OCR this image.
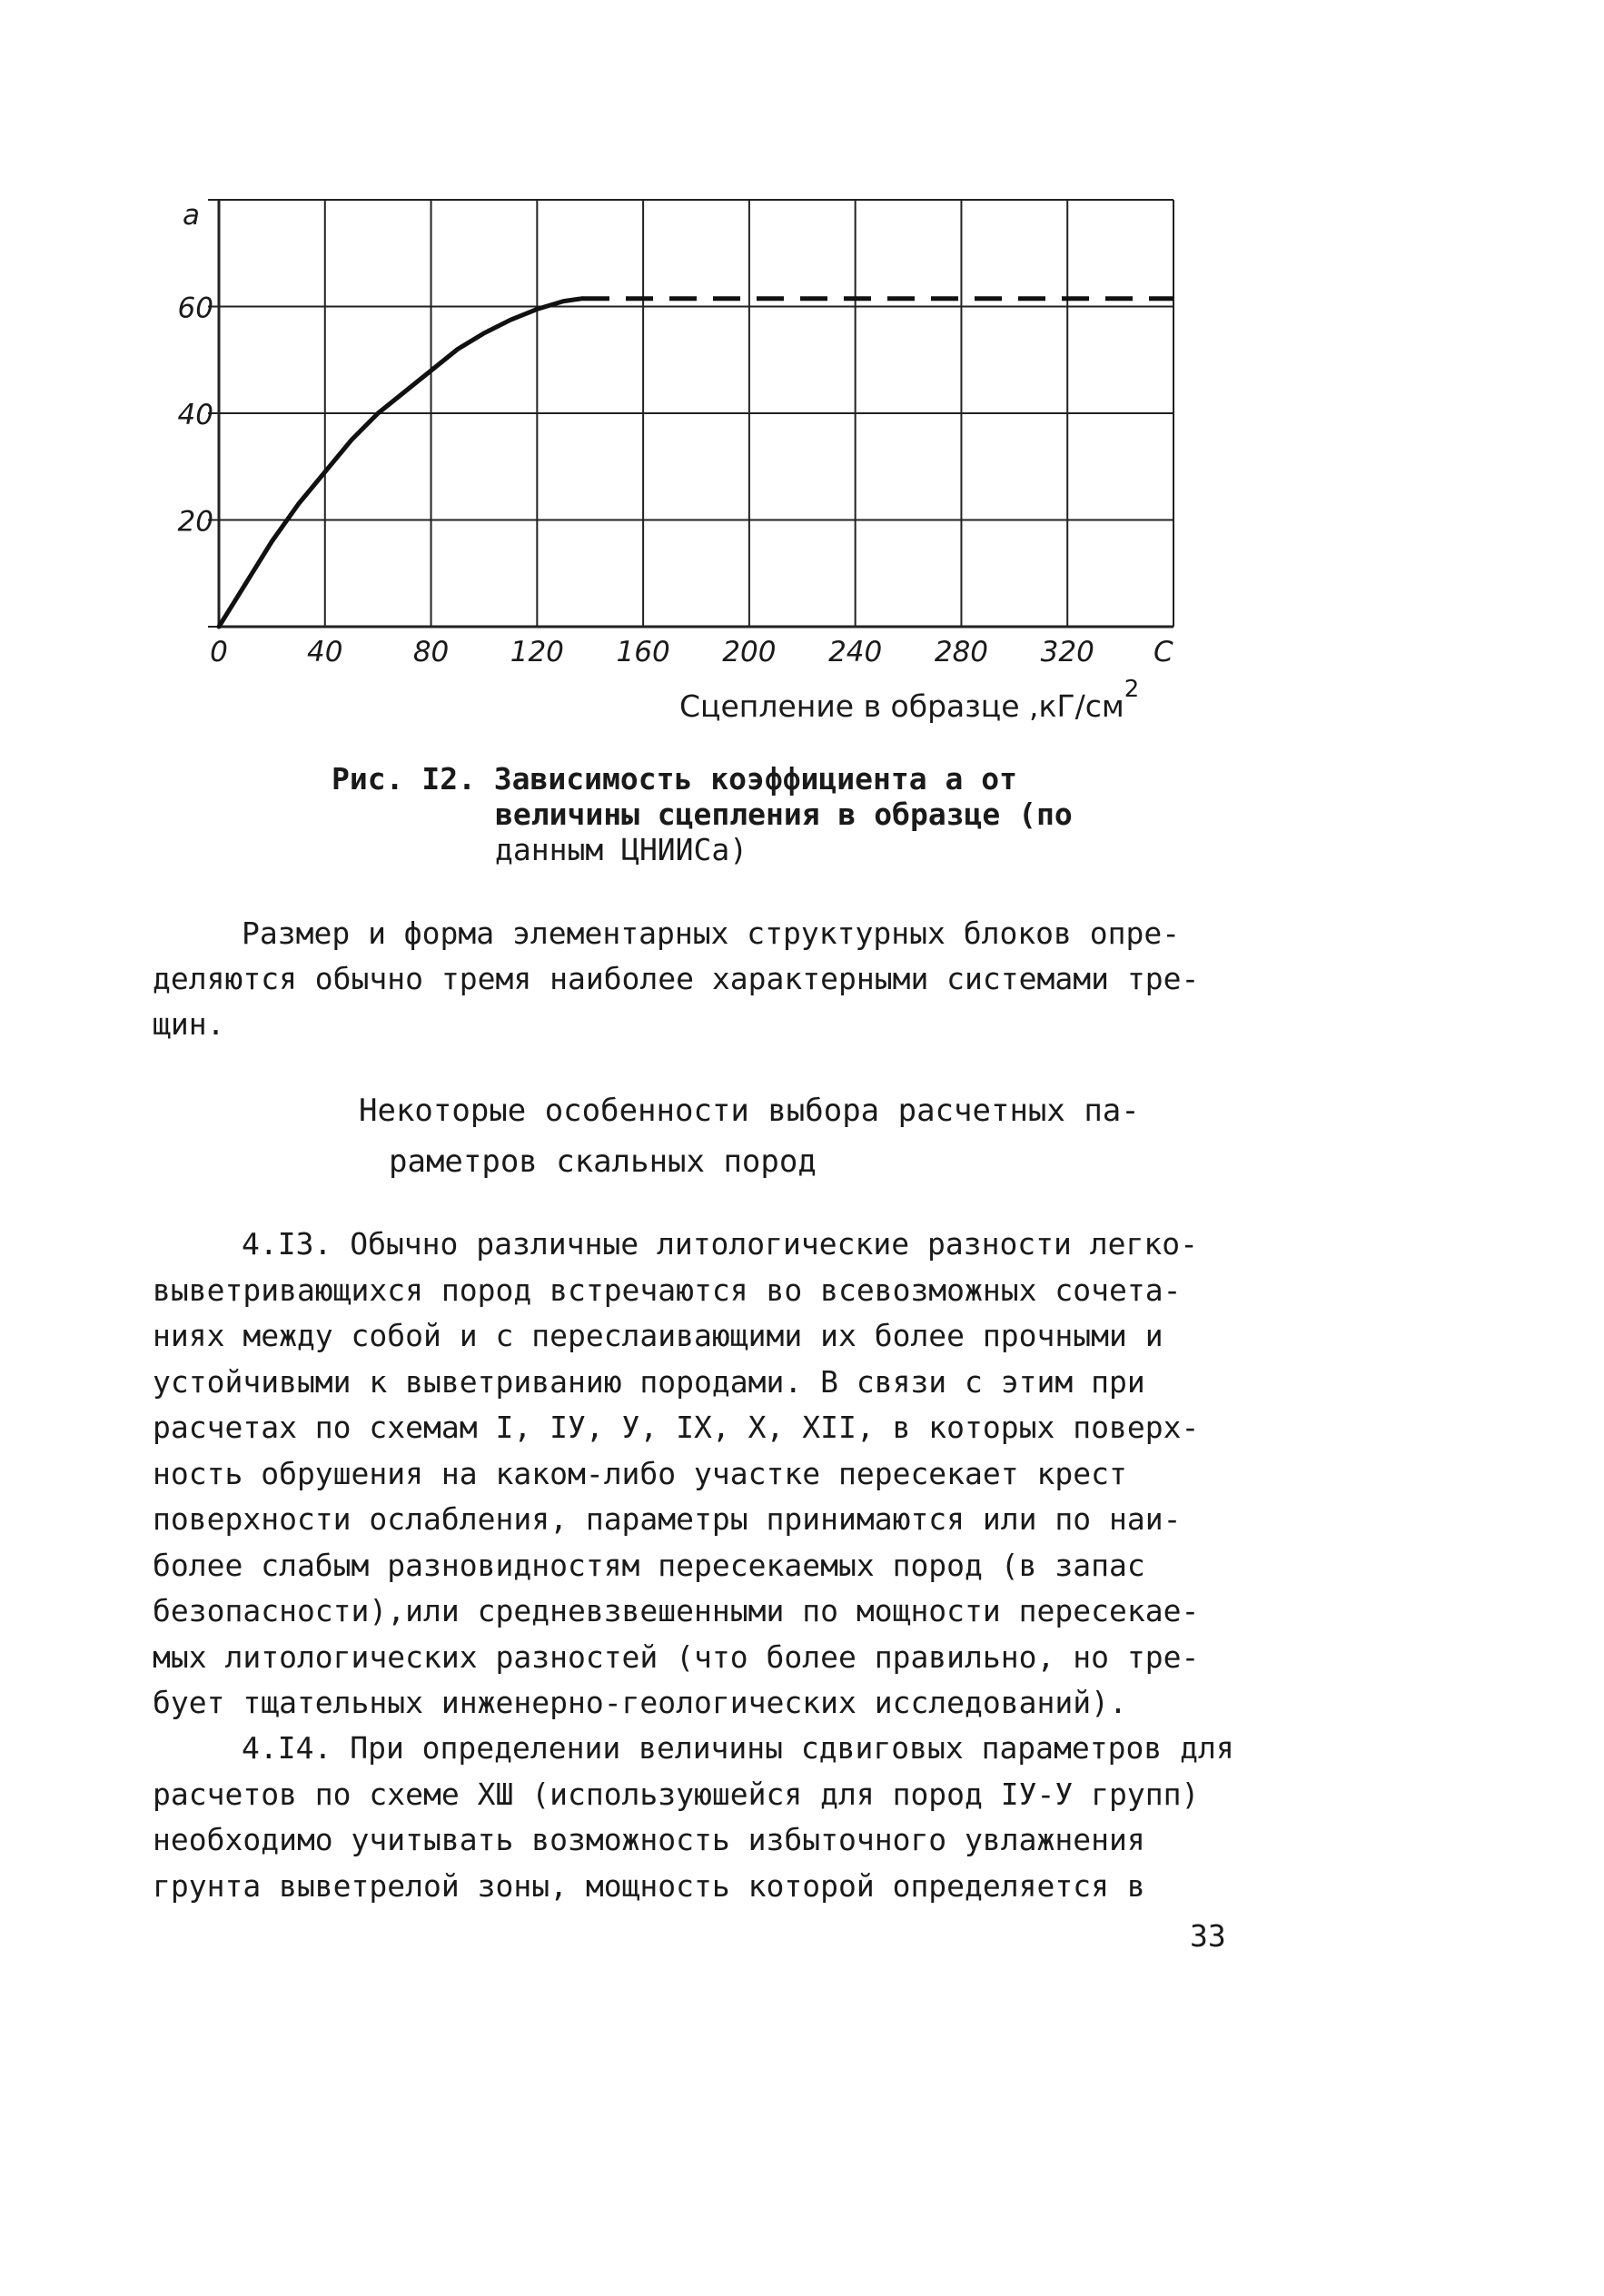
0	40 80 120 160 200 240 280 320
20
40
60
a
C
Сцепление в образце $,кГ/см^2$
Рис. I2. Зависимость коэффициента a от
величины сцепления в образце (по
данным ЦНИИСа)
Размер и форма элементарных структурных блоков опре-
деляются обычно тремя наиболее характерными системами тре-
щин.
Некоторые особенности выбора расчетных па-
раметров скальных пород
4.I3. Обычно различные литологические разности легко-
выветривающихся пород встречаются во всевозможных сочета-
ниях между собой и с переслаивающими их более прочными и
устойчивыми к выветриванию породами. В связи с этим при
расчетах по схемам I, IУ, У, IX, X, XII, в которых поверх-
ность обрушения на каком-либо участке пересекает крест
поверхности ослабления, параметры принимаются или по наи-
более слабым разновидностям пересекаемых пород (в запас
безопасности),или средневзвешенными по мощности пересекае-
мых литологических разностей (что более правильно, но тре-
бует тщательных инженерно-геологических исследований).
4.I4. При определении величины сдвиговых параметров для
расчетов по схеме XШ (используюшейся для пород IУ-У групп)
необходимо учитывать возможность избыточного увлажнения
грунта выветрелой зоны, мощность которой определяется в
33
